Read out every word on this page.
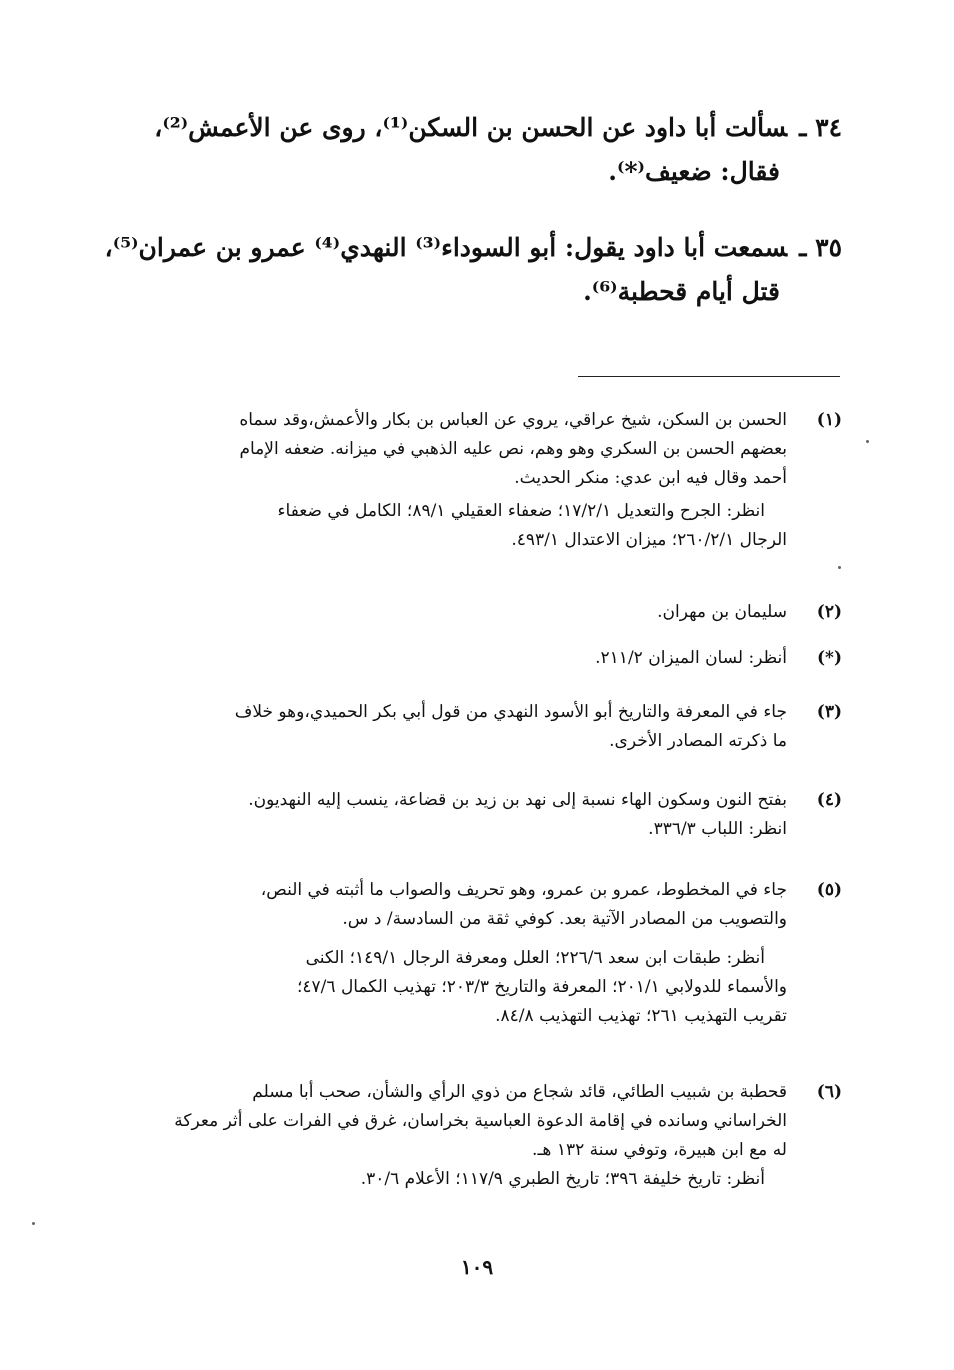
٣٤ ـسألت أبا داود عن الحسن بن السكن⁽¹⁾، روى عن الأعمش⁽²⁾،
فقال: ضعيف⁽*⁾.
٣٥ ـسمعت أبا داود يقول: أبو السوداء⁽³⁾ النهدي⁽⁴⁾ عمرو بن عمران⁽⁵⁾،
قتل أيام قحطبة⁽⁶⁾.
(١)
الحسن بن السكن، شيخ عراقي، يروي عن العباس بن بكار والأعمش،وقد سماه
بعضهم الحسن بن السكري وهو وهم، نص عليه الذهبي في ميزانه. ضعفه الإمام
أحمد وقال فيه ابن عدي: منكر الحديث.
انظر: الجرح والتعديل ١٧/٢/١؛ ضعفاء العقيلي ٨٩/١؛ الكامل في ضعفاء
الرجال ٢٦٠/٢/١؛ ميزان الاعتدال ٤٩٣/١.
(٢)
سليمان بن مهران.
(*)
أنظر: لسان الميزان ٢١١/٢.
(٣)
جاء في المعرفة والتاريخ أبو الأسود النهدي من قول أبي بكر الحميدي،وهو خلاف
ما ذكرته المصادر الأخرى.
(٤)
بفتح النون وسكون الهاء نسبة إلى نهد بن زيد بن قضاعة، ينسب إليه النهديون.
انظر: اللباب ٣٣٦/٣.
(٥)
جاء في المخطوط، عمرو بن عمرو، وهو تحريف والصواب ما أثبته في النص،
والتصويب من المصادر الآتية بعد. كوفي ثقة من السادسة/ د س.
أنظر: طبقات ابن سعد ٢٢٦/٦؛ العلل ومعرفة الرجال ١٤٩/١؛ الكنى
والأسماء للدولابي ٢٠١/١؛ المعرفة والتاريخ ٢٠٣/٣؛ تهذيب الكمال ٤٧/٦؛
تقريب التهذيب ٢٦١؛ تهذيب التهذيب ٨٤/٨.
(٦)
قحطبة بن شبيب الطائي، قائد شجاع من ذوي الرأي والشأن، صحب أبا مسلم
الخراساني وسانده في إقامة الدعوة العباسية بخراسان، غرق في الفرات على أثر معركة
له مع ابن هبيرة، وتوفي سنة ١٣٢ هـ.
أنظر: تاريخ خليفة ٣٩٦؛ تاريخ الطبري ١١٧/٩؛ الأعلام ٣٠/٦.
١٠٩
